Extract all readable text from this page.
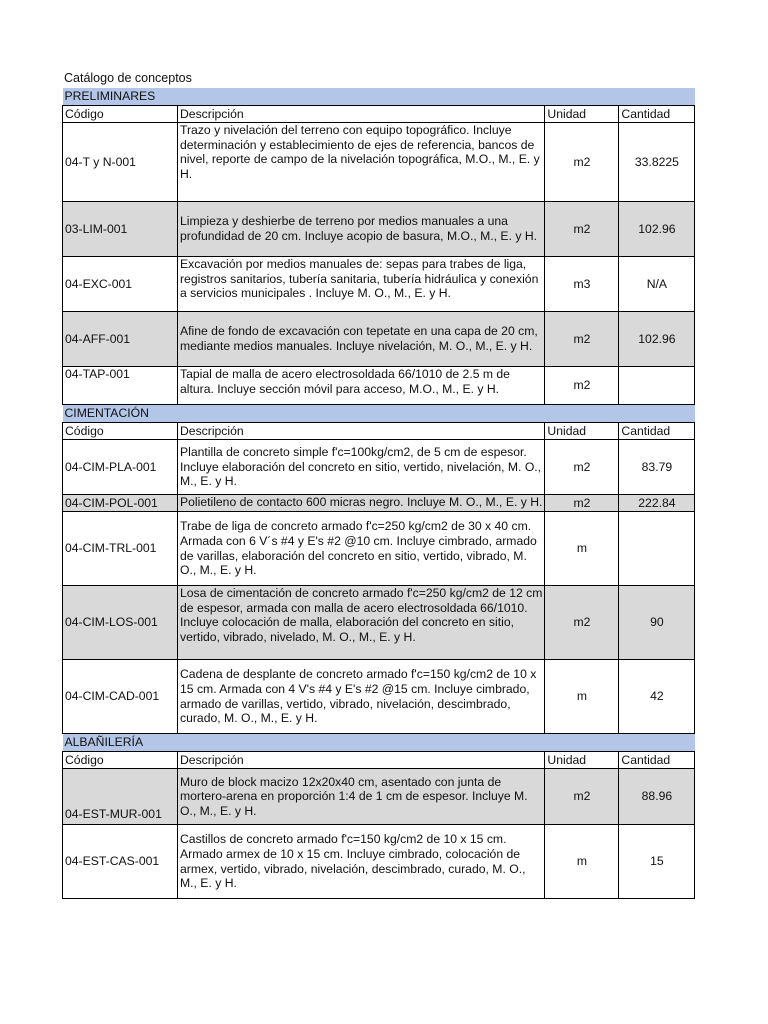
Catálogo de conceptos
PRELIMINARES			
Código	Descripción	Unidad	Cantidad
04-T y N-001	Trazo y nivelación del terreno con equipo topográfico. Incluye determinación y establecimiento de ejes de referencia, bancos de nivel, reporte de campo de la nivelación topográfica, M.O., M., E. y H.	m2	33.8225
03-LIM-001	Limpieza y deshierbe de terreno por medios manuales a una profundidad de 20 cm. Incluye acopio de basura, M.O., M., E. y H.	m2	102.96
04-EXC-001	Excavación por medios manuales de: sepas para trabes de liga, registros sanitarios, tubería sanitaria, tubería hidráulica y conexión a servicios municipales . Incluye M. O., M., E. y H.	m3	N/A
04-AFF-001	Afine de fondo de excavación con tepetate en una capa de 20 cm, mediante medios manuales. Incluye nivelación, M. O., M., E. y H.	m2	102.96
04-TAP-001	Tapial de malla de acero electrosoldada 66/1010 de 2.5 m de altura. Incluye sección móvil para acceso, M.O., M., E. y H.	m2	
CIMENTACIÓN			
Código	Descripción	Unidad	Cantidad
04-CIM-PLA-001	Plantilla de concreto simple f'c=100kg/cm2, de 5 cm de espesor. Incluye elaboración del concreto en sitio, vertido, nivelación, M. O., M., E. y H.	m2	83.79
04-CIM-POL-001	Polietileno de contacto 600 micras negro. Incluye M. O., M., E. y H.	m2	222.84
04-CIM-TRL-001	Trabe de liga de concreto armado f'c=250 kg/cm2 de 30 x 40 cm. Armada con 6 V´s #4 y E's #2 @10 cm. Incluye cimbrado, armado de varillas, elaboración del concreto en sitio, vertido, vibrado, M. O., M., E. y H.	m	
04-CIM-LOS-001	Losa de cimentación de concreto armado f'c=250 kg/cm2 de 12 cm de espesor, armada con malla de acero electrosoldada 66/1010. Incluye colocación de malla, elaboración del concreto en sitio, vertido, vibrado, nivelado, M. O., M., E. y H.	m2	90
04-CIM-CAD-001	Cadena de desplante de concreto armado f'c=150 kg/cm2 de 10 x 15 cm. Armada con 4 V's #4 y E's #2 @15 cm. Incluye cimbrado, armado de varillas, vertido, vibrado, nivelación, descimbrado, curado, M. O., M., E. y H.	m	42
ALBAÑILERÍA			
Código	Descripción	Unidad	Cantidad
04-EST-MUR-001	Muro de block macizo 12x20x40 cm, asentado con junta de mortero-arena en proporción 1:4 de 1 cm de espesor. Incluye M. O., M., E. y H.	m2	88.96
04-EST-CAS-001	Castillos de concreto armado f'c=150 kg/cm2 de 10 x 15 cm. Armado armex de 10 x 15 cm. Incluye cimbrado, colocación de armex, vertido, vibrado, nivelación, descimbrado, curado, M. O., M., E. y H.	m	15
